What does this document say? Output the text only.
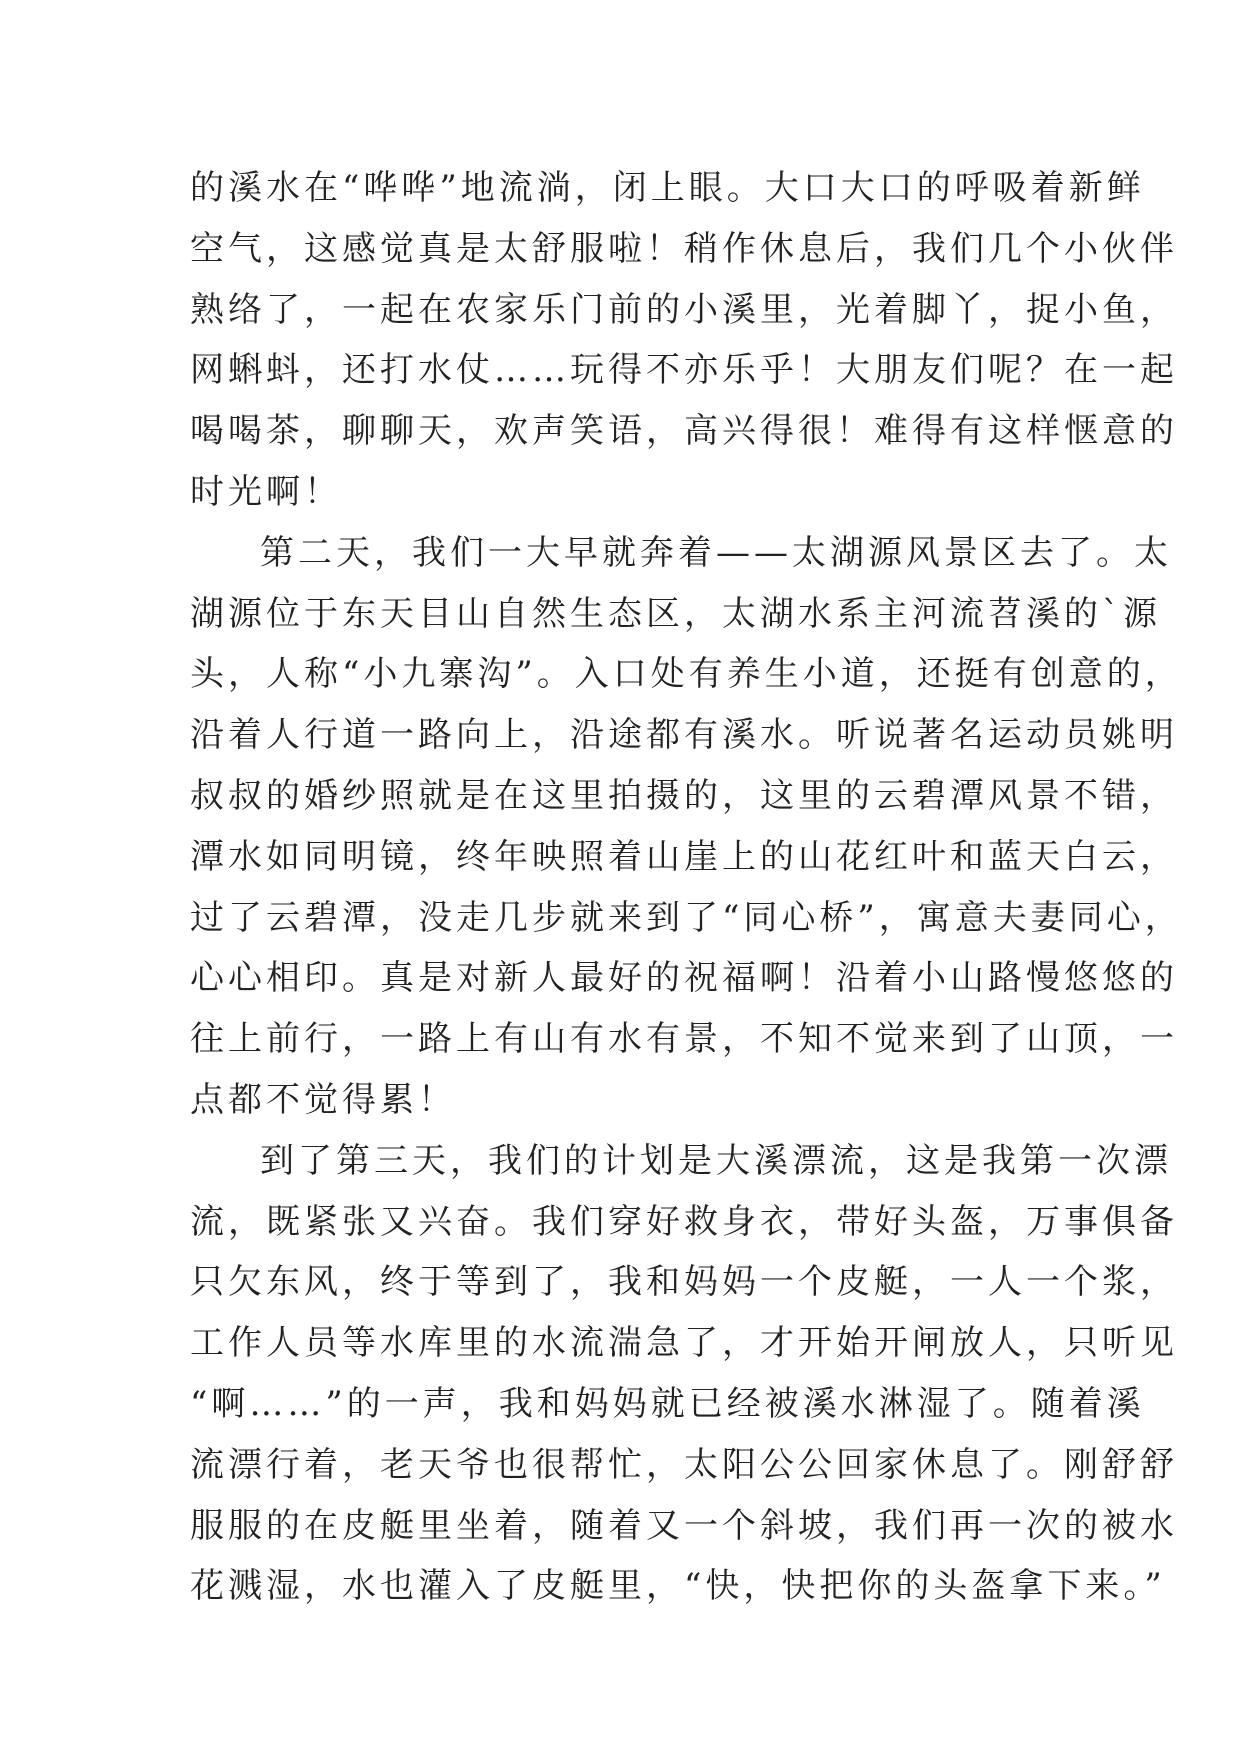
的溪水在“哗哗”地流淌，闭上眼。大口大口的呼吸着新鲜
空气，这感觉真是太舒服啦！稍作休息后，我们几个小伙伴
熟络了，一起在农家乐门前的小溪里，光着脚丫，捉小鱼，
网蝌蚪，还打水仗……玩得不亦乐乎！大朋友们呢？在一起
喝喝茶，聊聊天，欢声笑语，高兴得很！难得有这样惬意的
时光啊！
第二天，我们一大早就奔着——太湖源风景区去了。太
湖源位于东天目山自然生态区，太湖水系主河流苕溪的`源
头，人称“小九寨沟”。入口处有养生小道，还挺有创意的，
沿着人行道一路向上，沿途都有溪水。听说著名运动员姚明
叔叔的婚纱照就是在这里拍摄的，这里的云碧潭风景不错，
潭水如同明镜，终年映照着山崖上的山花红叶和蓝天白云，
过了云碧潭，没走几步就来到了“同心桥”，寓意夫妻同心，
心心相印。真是对新人最好的祝福啊！沿着小山路慢悠悠的
往上前行，一路上有山有水有景，不知不觉来到了山顶，一
点都不觉得累！
到了第三天，我们的计划是大溪漂流，这是我第一次漂
流，既紧张又兴奋。我们穿好救身衣，带好头盔，万事俱备
只欠东风，终于等到了，我和妈妈一个皮艇，一人一个浆，
工作人员等水库里的水流湍急了，才开始开闸放人，只听见
“啊……”的一声，我和妈妈就已经被溪水淋湿了。随着溪
流漂行着，老天爷也很帮忙，太阳公公回家休息了。刚舒舒
服服的在皮艇里坐着，随着又一个斜坡，我们再一次的被水
花溅湿，水也灌入了皮艇里，“快，快把你的头盔拿下来。”
